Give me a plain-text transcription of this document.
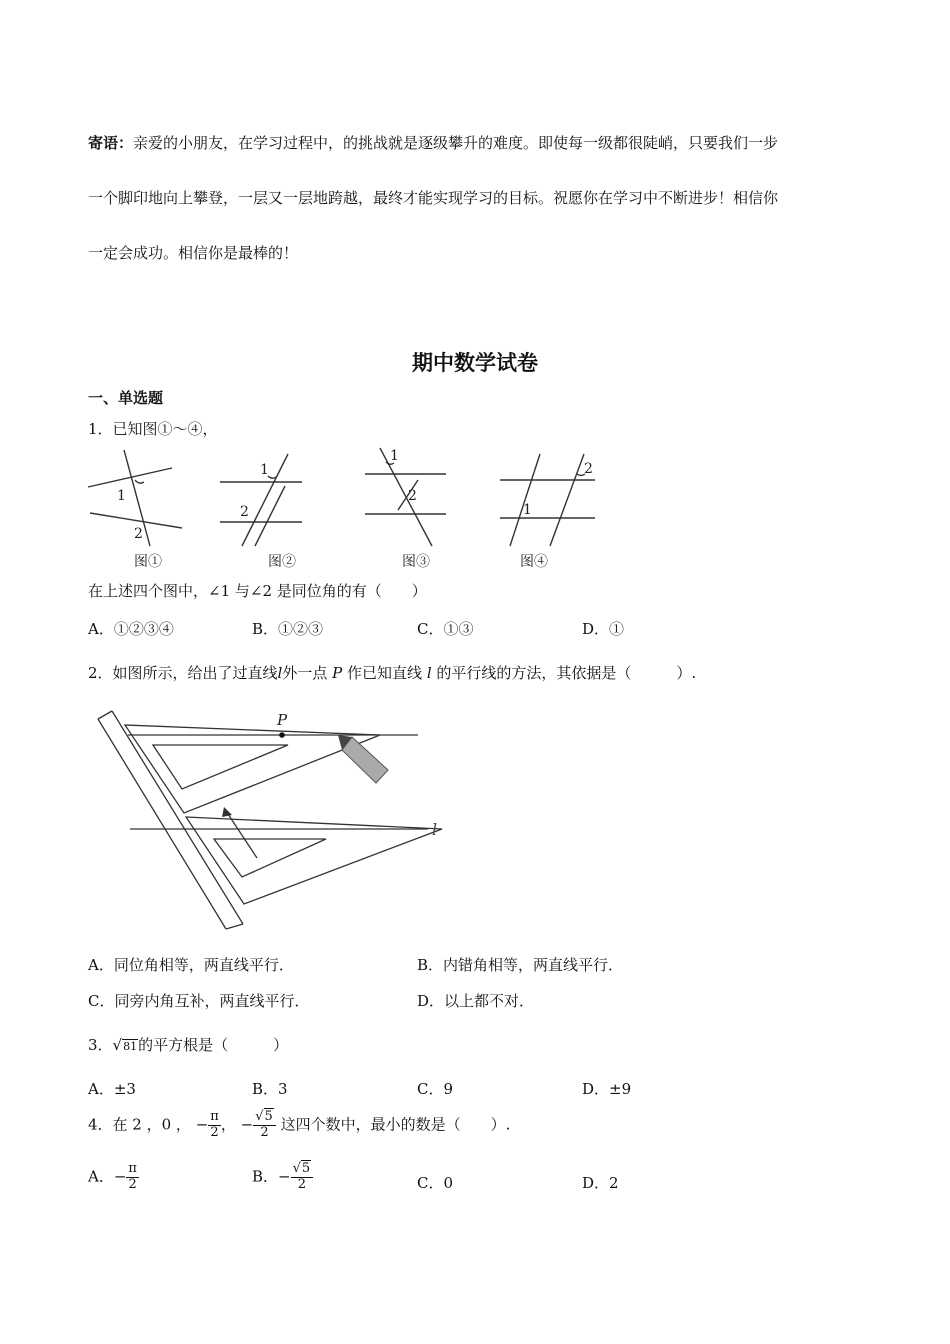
寄语：亲爱的小朋友，在学习过程中，的挑战就是逐级攀升的难度。即使每一级都很陡峭，只要我们一步
一个脚印地向上攀登，一层又一层地跨越，最终才能实现学习的目标。祝愿你在学习中不断进步！相信你
一定会成功。相信你是最棒的！
期中数学试卷
一、单选题
1．已知图①～④，
1
2
1
2
1
2
1
2
图①	图②	图③	图④
在上述四个图中，∠1 与∠2 是同位角的有（　　）
A．①②③④	B．①②③	C．①③	D．①
2．如图所示，给出了过直线l外一点 P 作已知直线 l 的平行线的方法，其依据是（　　　）.
P
l
A．同位角相等，两直线平行．	B．内错角相等，两直线平行．
C．同旁内角互补，两直线平行．	D．以上都不对．
3．√81的平方根是（　　　）
A．±3	B．3	C．9	D．±9
4．在 2 ，0 ， − $\frac{\pi}{2}$ ， − $\frac{√5}{2}$ 这四个数中，最小的数是（　　）.
A．− $\frac{\pi}{2}$	B．− $\frac{√5}{2}$	C．0	D．2
